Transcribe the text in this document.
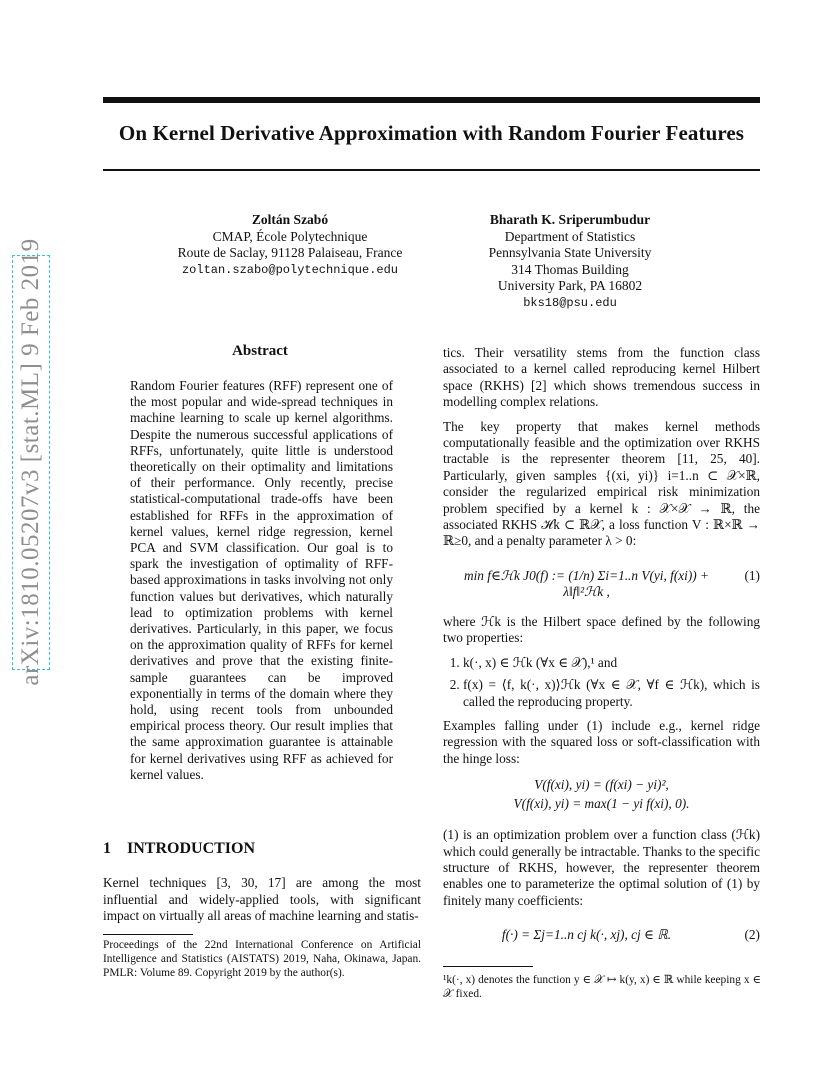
On Kernel Derivative Approximation with Random Fourier Features
Zoltán Szabó
CMAP, École Polytechnique
Route de Saclay, 91128 Palaiseau, France
zoltan.szabo@polytechnique.edu
Bharath K. Sriperumbudur
Department of Statistics
Pennsylvania State University
314 Thomas Building
University Park, PA 16802
bks18@psu.edu
arXiv:1810.05207v3 [stat.ML] 9 Feb 2019	Abstract
Random Fourier features (RFF) represent one of the most popular and wide-spread techniques in machine learning to scale up kernel algorithms. Despite the numerous successful applications of RFFs, unfortunately, quite little is understood theoretically on their optimality and limitations of their performance. Only recently, precise statistical-computational trade-offs have been established for RFFs in the approximation of kernel values, kernel ridge regression, kernel PCA and SVM classification. Our goal is to spark the investigation of optimality of RFF-based approximations in tasks involving not only function values but derivatives, which naturally lead to optimization problems with kernel derivatives. Particularly, in this paper, we focus on the approximation quality of RFFs for kernel derivatives and prove that the existing finite-sample guarantees can be improved exponentially in terms of the domain where they hold, using recent tools from unbounded empirical process theory. Our result implies that the same approximation guarantee is attainable for kernel derivatives using RFF as achieved for kernel values.
1 INTRODUCTION
Kernel techniques [3, 30, 17] are among the most influential and widely-applied tools, with significant impact on virtually all areas of machine learning and statis-
Proceedings of the 22nd International Conference on Artificial Intelligence and Statistics (AISTATS) 2019, Naha, Okinawa, Japan. PMLR: Volume 89. Copyright 2019 by the author(s).

tics. Their versatility stems from the function class associated to a kernel called reproducing kernel Hilbert space (RKHS) [2] which shows tremendous success in modelling complex relations.

The key property that makes kernel methods computationally feasible and the optimization over RKHS tractable is the representer theorem [11, 25, 40]. Particularly, given samples {(xi, yi)} i=1..n ⊂ 𝒳×ℝ, consider the regularized empirical risk minimization problem specified by a kernel k : 𝒳×𝒳 → ℝ, the associated RKHS ℋk ⊂ ℝ𝒳, a loss function V : ℝ×ℝ → ℝ≥0, and a penalty parameter λ > 0:

min f∈ℋk J0(f) := (1/n) Σi=1..n V(yi, f(xi)) + λ‖f‖²ℋk ,
(1)

where ℋk is the Hilbert space defined by the following two properties:

1. k(·, x) ∈ ℋk (∀x ∈ 𝒳),¹ and
2. f(x) = ⟨f, k(·, x)⟩ℋk (∀x ∈ 𝒳, ∀f ∈ ℋk), which is called the reproducing property.

Examples falling under (1) include e.g., kernel ridge regression with the squared loss or soft-classification with the hinge loss:

V(f(xi), yi) = (f(xi) − yi)²,
V(f(xi), yi) = max(1 − yi f(xi), 0).

(1) is an optimization problem over a function class (ℋk) which could generally be intractable. Thanks to the specific structure of RKHS, however, the representer theorem enables one to parameterize the optimal solution of (1) by finitely many coefficients:

f(·) = Σj=1..n cj k(·, xj), cj ∈ ℝ.	(2)
¹k(·, x) denotes the function y ∈ 𝒳 ↦ k(y, x) ∈ ℝ while keeping x ∈ 𝒳 fixed.
